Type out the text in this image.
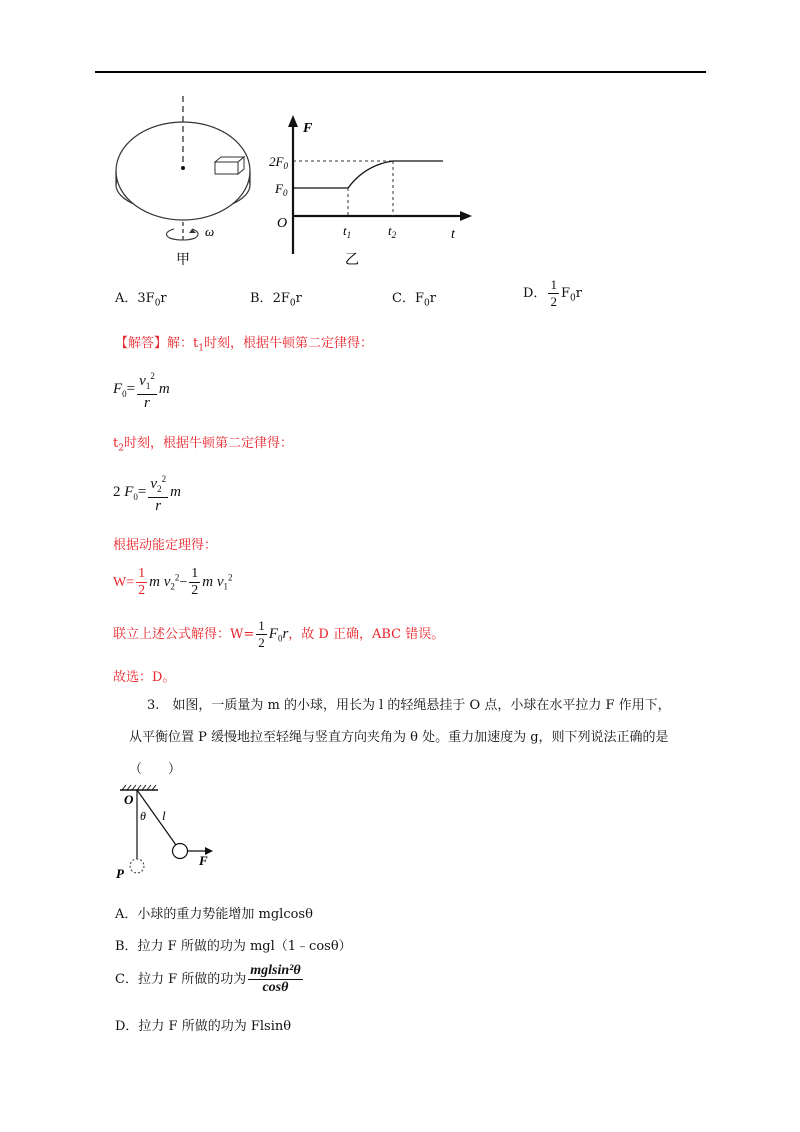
ω
甲
F
t
O
$2F_0$
$F_0$
$t_1$	$t_2$
乙
A．$3F_0r$	B．$2F_0r$	C．$F_0r$	D． $\frac{1}{2} F_0r$
【解答】解：$t_1$时刻，根据牛顿第二定律得：
$F_0= \frac{v_1^2}{r}$ m
$t_2$时刻，根据牛顿第二定律得：
2 $F_0= \frac{v_2^2}{r}$ m
根据动能定理得：
$W= \frac{1}{2}$ m $v_2^2- \frac{1}{2}$ m $v_1^2$
联立上述公式解得：$W= \frac{1}{2} F_0r$，故 D 正确，ABC 错误。
故选：D。
3.　如图，一质量为 m 的小球，用长为 l 的轻绳悬挂于 O 点，小球在水平拉力 F 作用下，
从平衡位置 P 缓慢地拉至轻绳与竖直方向夹角为 θ 处。重力加速度为 g，则下列说法正确的是
（　　）
O
θ l
F
P
A．小球的重力势能增加 mglcosθ
B．拉力 F 所做的功为 mgl（1﹣cosθ）
C．拉力 F 所做的功为 $\frac{\text{mglsin²θ}}{\cos\theta}$
D．拉力 F 所做的功为 Flsinθ
